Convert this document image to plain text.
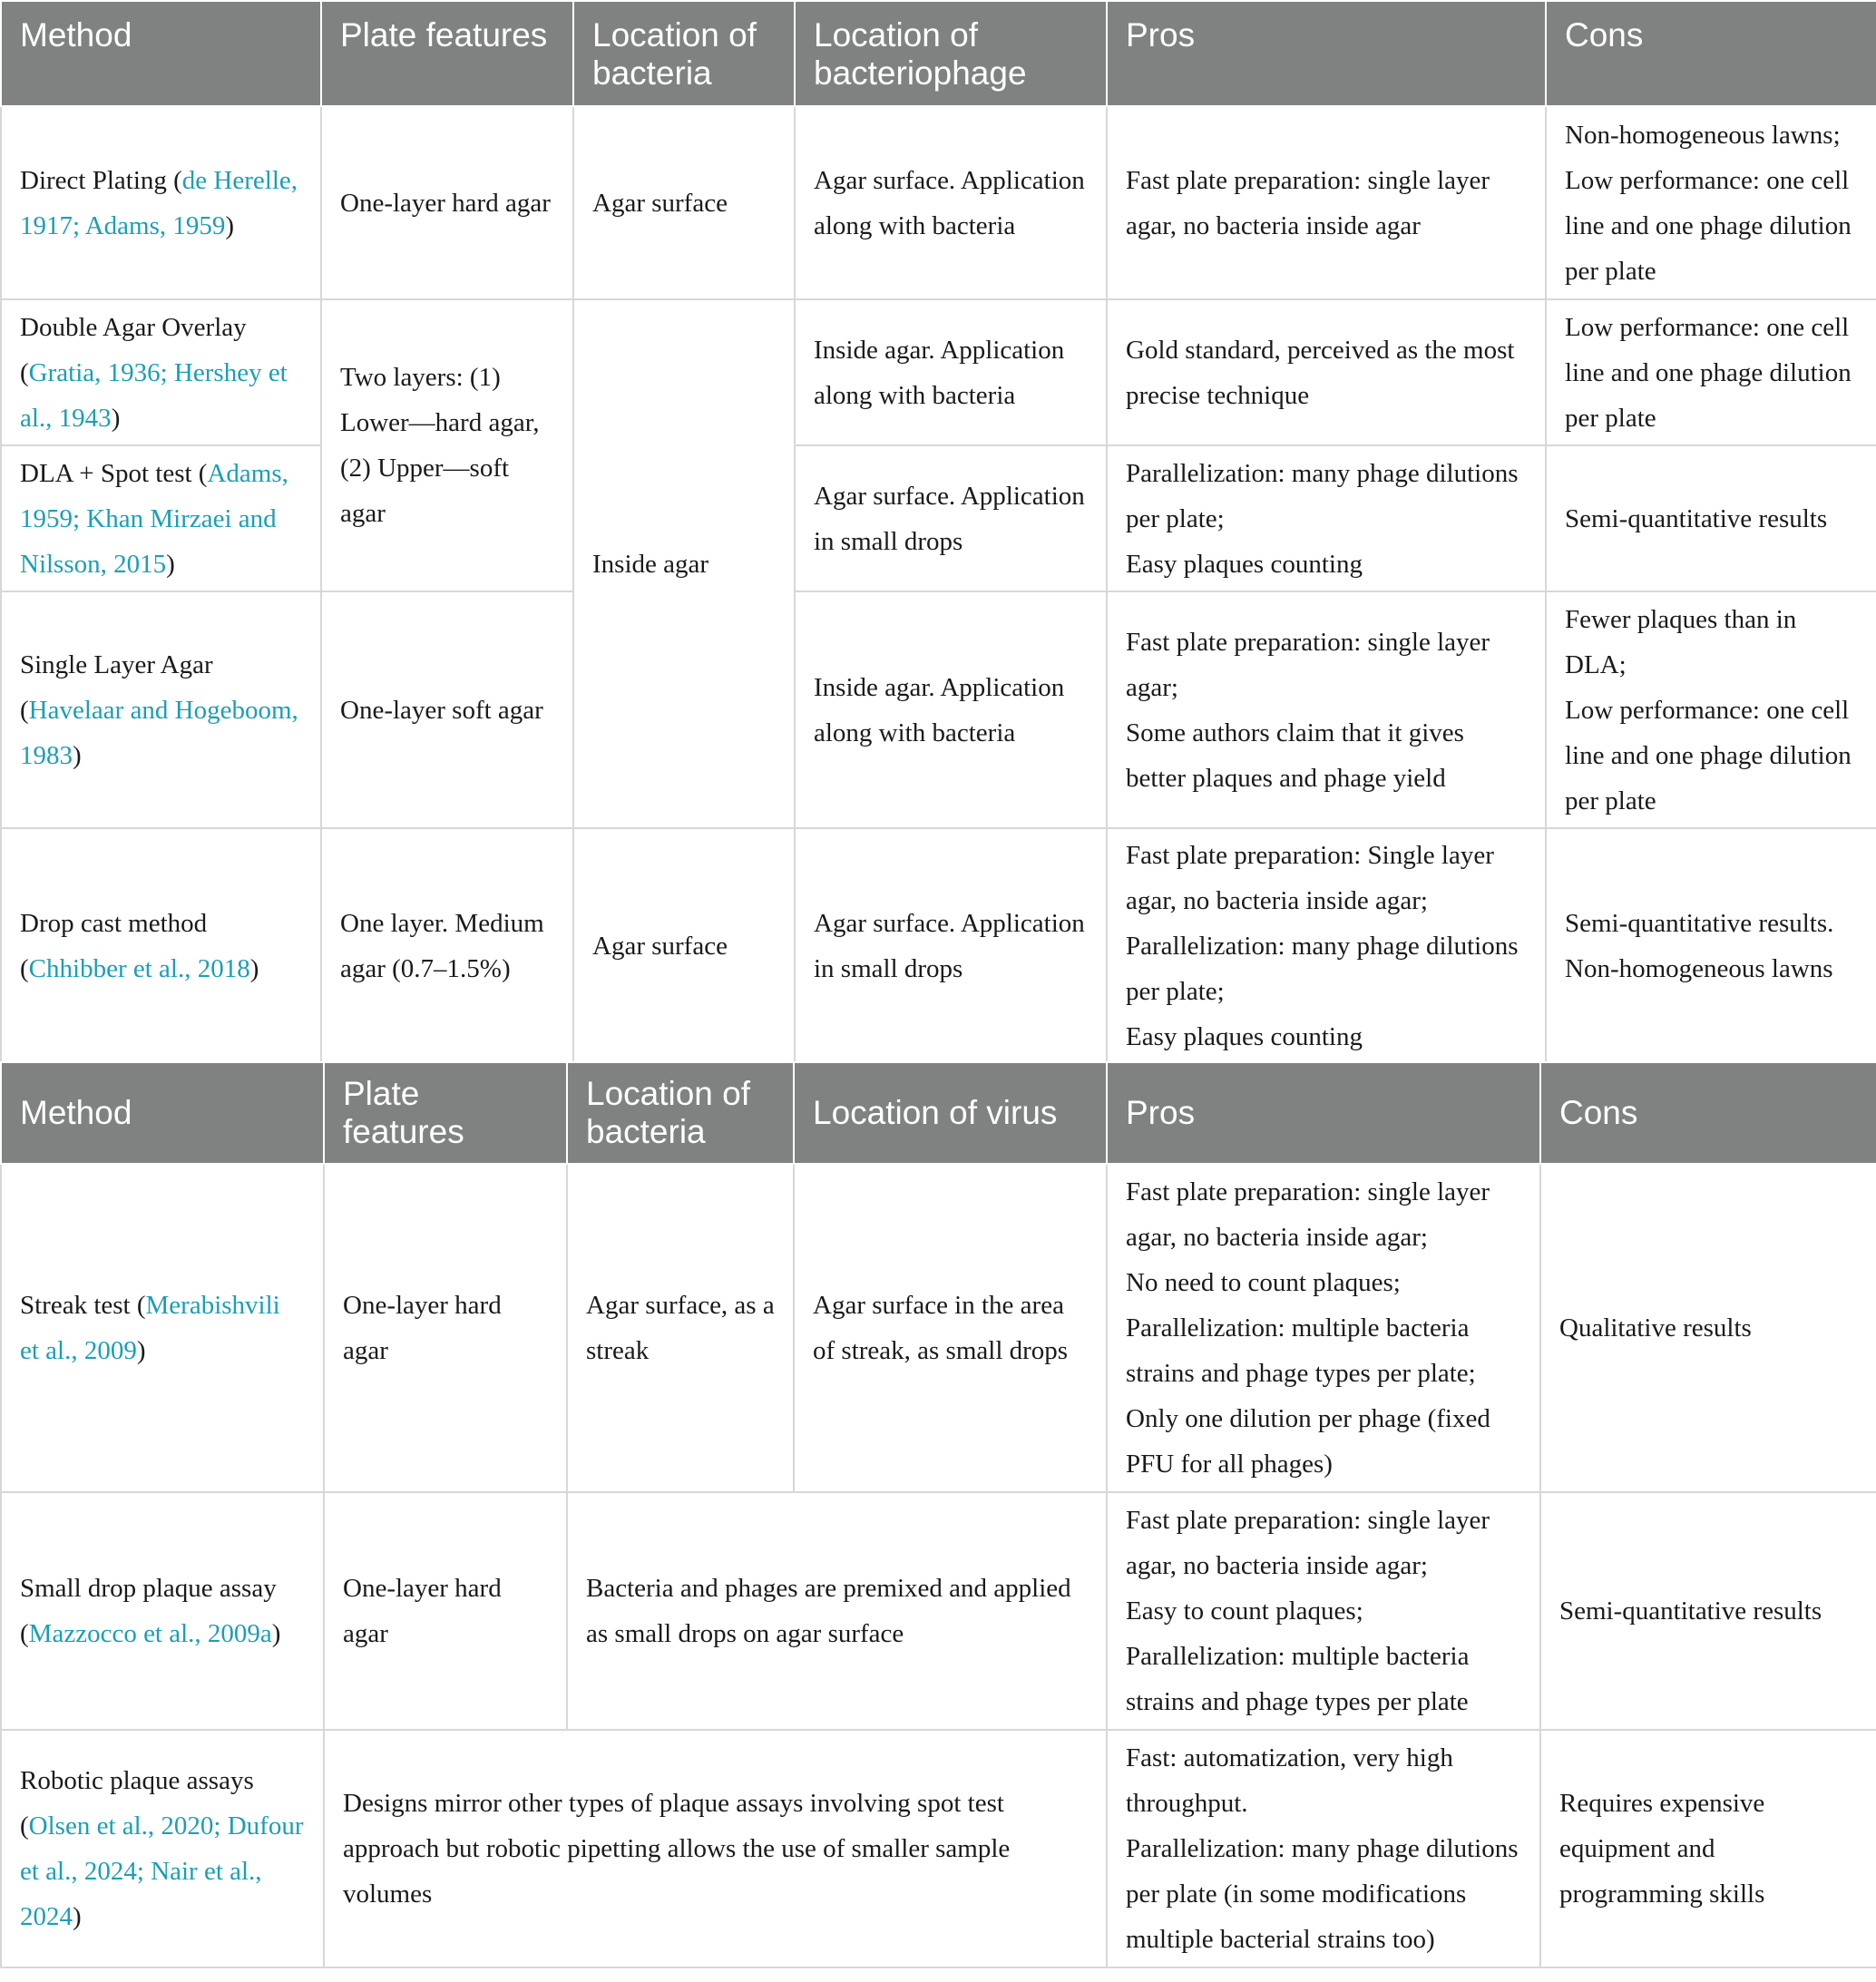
Method	Plate features	Location of bacteria	Location of bacteriophage	Pros	Cons
Direct Plating (de Herelle, 1917; Adams, 1959)	One-layer hard agar	Agar surface	Agar surface. Application along with bacteria	Fast plate preparation: single layer agar, no bacteria inside agar	Non-homogeneous lawns;
Low performance: one cell line and one phage dilution per plate

Double Agar Overlay (Gratia, 1936; Hershey et al., 1943)	Two layers: (1) Lower—hard agar, (2) Upper—soft agar	Inside agar	Inside agar. Application along with bacteria	Gold standard, perceived as the most precise technique	Low performance: one cell line and one phage dilution per plate

DLA + Spot test (Adams, 1959; Khan Mirzaei and Nilsson, 2015)			Agar surface. Application in small drops	Parallelization: many phage dilutions per plate;
Easy plaques counting	Semi-quantitative results

Single Layer Agar (Havelaar and Hogeboom, 1983)	One-layer soft agar		Inside agar. Application along with bacteria	Fast plate preparation: single layer agar;
Some authors claim that it gives better plaques and phage yield	Fewer plaques than in DLA;
Low performance: one cell line and one phage dilution per plate

Drop cast method (Chhibber et al., 2018)	One layer. Medium agar (0.7–1.5%)	Agar surface	Agar surface. Application in small drops	Fast plate preparation: Single layer agar, no bacteria inside agar;
Parallelization: many phage dilutions per plate;
Easy plaques counting	Semi-quantitative results.
Non-homogeneous lawns
Method	Plate features	Location of bacteria	Location of virus	Pros	Cons
Streak test (Merabishvili et al., 2009)	One-layer hard agar	Agar surface, as a streak	Agar surface in the area of streak, as small drops	Fast plate preparation: single layer agar, no bacteria inside agar;
No need to count plaques;
Parallelization: multiple bacteria strains and phage types per plate;
Only one dilution per phage (fixed PFU for all phages)	Qualitative results
Small drop plaque assay (Mazzocco et al., 2009a)	One-layer hard agar	Bacteria and phages are premixed and applied as small drops on agar surface		Fast plate preparation: single layer agar, no bacteria inside agar;
Easy to count plaques;
Parallelization: multiple bacteria strains and phage types per plate	Semi-quantitative results
Robotic plaque assays (Olsen et al., 2020; Dufour et al., 2024; Nair et al., 2024)	Designs mirror other types of plaque assays involving spot test approach but robotic pipetting allows the use of smaller sample volumes			Fast: automatization, very high throughput.
Parallelization: many phage dilutions per plate (in some modifications multiple bacterial strains too)	Requires expensive equipment and programming skills
